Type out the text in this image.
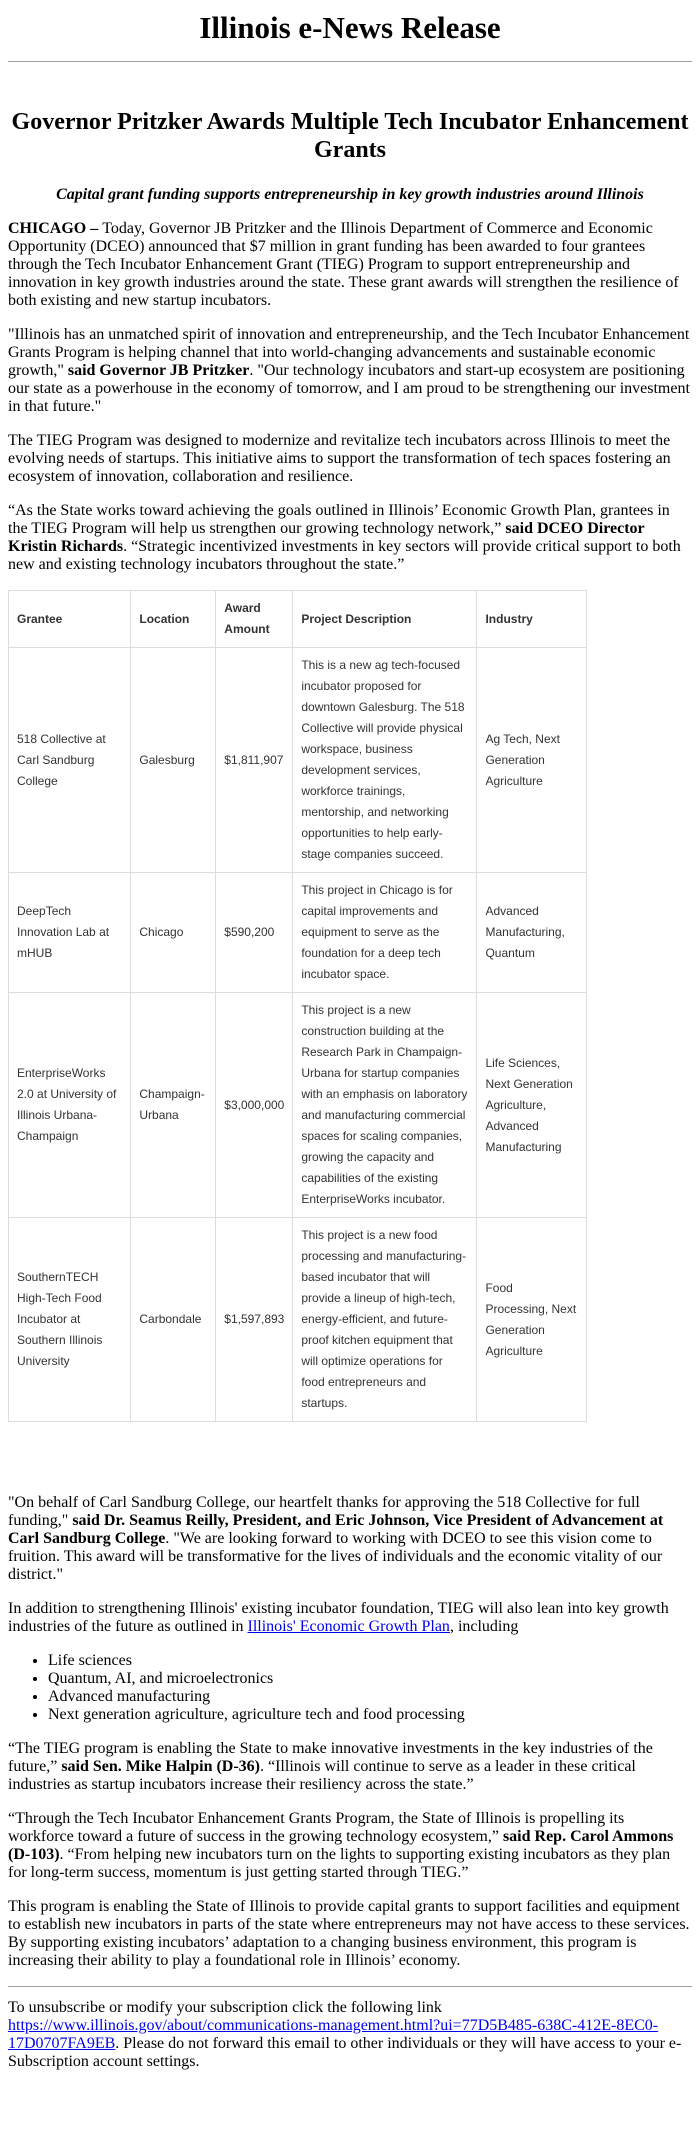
Illinois e-News Release
Governor Pritzker Awards Multiple Tech Incubator Enhancement Grants
Capital grant funding supports entrepreneurship in key growth industries around Illinois

CHICAGO – Today, Governor JB Pritzker and the Illinois Department of Commerce and Economic Opportunity (DCEO) announced that $7 million in grant funding has been awarded to four grantees through the Tech Incubator Enhancement Grant (TIEG) Program to support entrepreneurship and innovation in key growth industries around the state. These grant awards will strengthen the resilience of both existing and new startup incubators.

"Illinois has an unmatched spirit of innovation and entrepreneurship, and the Tech Incubator Enhancement Grants Program is helping channel that into world-changing advancements and sustainable economic growth," said Governor JB Pritzker. "Our technology incubators and start-up ecosystem are positioning our state as a powerhouse in the economy of tomorrow, and I am proud to be strengthening our investment in that future."

The TIEG Program was designed to modernize and revitalize tech incubators across Illinois to meet the evolving needs of startups. This initiative aims to support the transformation of tech spaces fostering an ecosystem of innovation, collaboration and resilience.

“As the State works toward achieving the goals outlined in Illinois’ Economic Growth Plan, grantees in the TIEG Program will help us strengthen our growing technology network,” said DCEO Director Kristin Richards. “Strategic incentivized investments in key sectors will provide critical support to both new and existing technology incubators throughout the state.”

Grantee	Location	Award Amount	Project Description	Industry
518 Collective at Carl Sandburg College	Galesburg	$1,811,907	This is a new ag tech-focused incubator proposed for downtown Galesburg. The 518 Collective will provide physical workspace, business development services, workforce trainings, mentorship, and networking opportunities to help early-stage companies succeed.	Ag Tech, Next Generation Agriculture
DeepTech Innovation Lab at mHUB	Chicago	$590,200	This project in Chicago is for capital improvements and equipment to serve as the foundation for a deep tech incubator space.	Advanced Manufacturing, Quantum
EnterpriseWorks 2.0 at University of Illinois Urbana-Champaign	Champaign-Urbana	$3,000,000	This project is a new construction building at the Research Park in Champaign-Urbana for startup companies with an emphasis on laboratory and manufacturing commercial spaces for scaling companies, growing the capacity and capabilities of the existing EnterpriseWorks incubator.	Life Sciences, Next Generation Agriculture, Advanced Manufacturing
SouthernTECH High-Tech Food Incubator at Southern Illinois University	Carbondale	$1,597,893	This project is a new food processing and manufacturing-based incubator that will provide a lineup of high-tech, energy-efficient, and future-proof kitchen equipment that will optimize operations for food entrepreneurs and startups.	Food Processing, Next Generation Agriculture

"On behalf of Carl Sandburg College, our heartfelt thanks for approving the 518 Collective for full funding," said Dr. Seamus Reilly, President, and Eric Johnson, Vice President of Advancement at Carl Sandburg College. "We are looking forward to working with DCEO to see this vision come to fruition. This award will be transformative for the lives of individuals and the economic vitality of our district."

In addition to strengthening Illinois' existing incubator foundation, TIEG will also lean into key growth industries of the future as outlined in Illinois' Economic Growth Plan, including

• Life sciences
• Quantum, AI, and microelectronics
• Advanced manufacturing
• Next generation agriculture, agriculture tech and food processing

“The TIEG program is enabling the State to make innovative investments in the key industries of the future,” said Sen. Mike Halpin (D-36). “Illinois will continue to serve as a leader in these critical industries as startup incubators increase their resiliency across the state.”

“Through the Tech Incubator Enhancement Grants Program, the State of Illinois is propelling its workforce toward a future of success in the growing technology ecosystem,” said Rep. Carol Ammons (D-103). “From helping new incubators turn on the lights to supporting existing incubators as they plan for long-term success, momentum is just getting started through TIEG.”

This program is enabling the State of Illinois to provide capital grants to support facilities and equipment to establish new incubators in parts of the state where entrepreneurs may not have access to these services. By supporting existing incubators’ adaptation to a changing business environment, this program is increasing their ability to play a foundational role in Illinois’ economy.

To unsubscribe or modify your subscription click the following link https://www.illinois.gov/about/communications-management.html?ui=77D5B485-638C-412E-8EC0-17D0707FA9EB. Please do not forward this email to other individuals or they will have access to your e-Subscription account settings.
